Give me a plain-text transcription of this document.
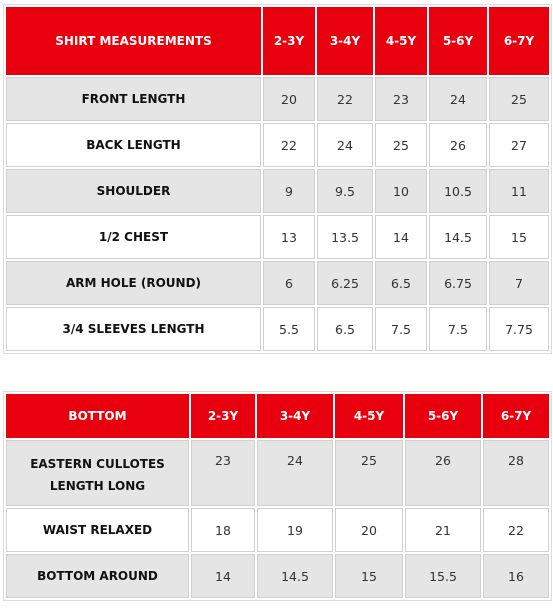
SHIRT MEASUREMENTS	2-3Y	3-4Y	4-5Y	5-6Y	6-7Y
FRONT LENGTH	20	22	23	24	25
BACK LENGTH	22	24	25	26	27
SHOULDER	9	9.5	10	10.5	11
1/2 CHEST	13	13.5	14	14.5	15
ARM HOLE (ROUND)	6	6.25	6.5	6.75	7
3/4 SLEEVES LENGTH	5.5	6.5	7.5	7.5	7.75
BOTTOM	2-3Y	3-4Y	4-5Y	5-6Y	6-7Y
EASTERN CULLOTES LENGTH LONG	23	24	25	26	28
WAIST RELAXED	18	19	20	21	22
BOTTOM AROUND	14	14.5	15	15.5	16
